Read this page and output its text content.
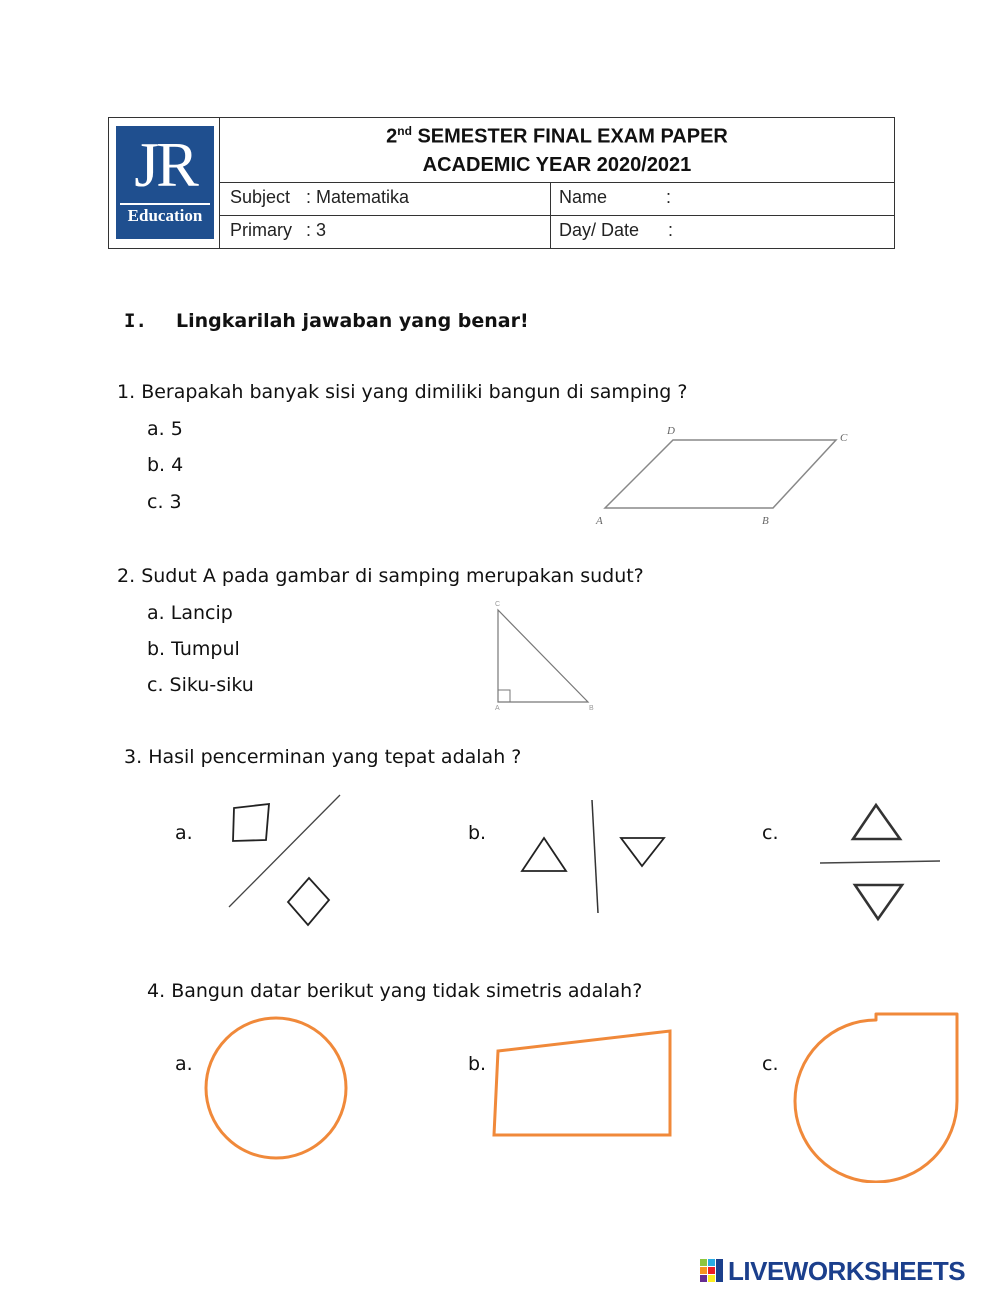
JR
Education
2nd SEMESTER FINAL EXAM PAPER
ACADEMIC YEAR 2020/2021
Subject : Matematika	Name	:
Primary : 3	Day/ Date :
I. Lingkarilah jawaban yang benar!
1. Berapakah banyak sisi yang dimiliki bangun di samping ?
a. 5
b. 4
c. 3
A	B
C
D
2. Sudut A pada gambar di samping merupakan sudut?
a. Lancip
b. Tumpul
c. Siku-siku
C
A	B
3. Hasil pencerminan yang tepat adalah ?
a.	b.	c.
4. Bangun datar berikut yang tidak simetris adalah?
a.	b.	c.
LIVEWORKSHEETS
